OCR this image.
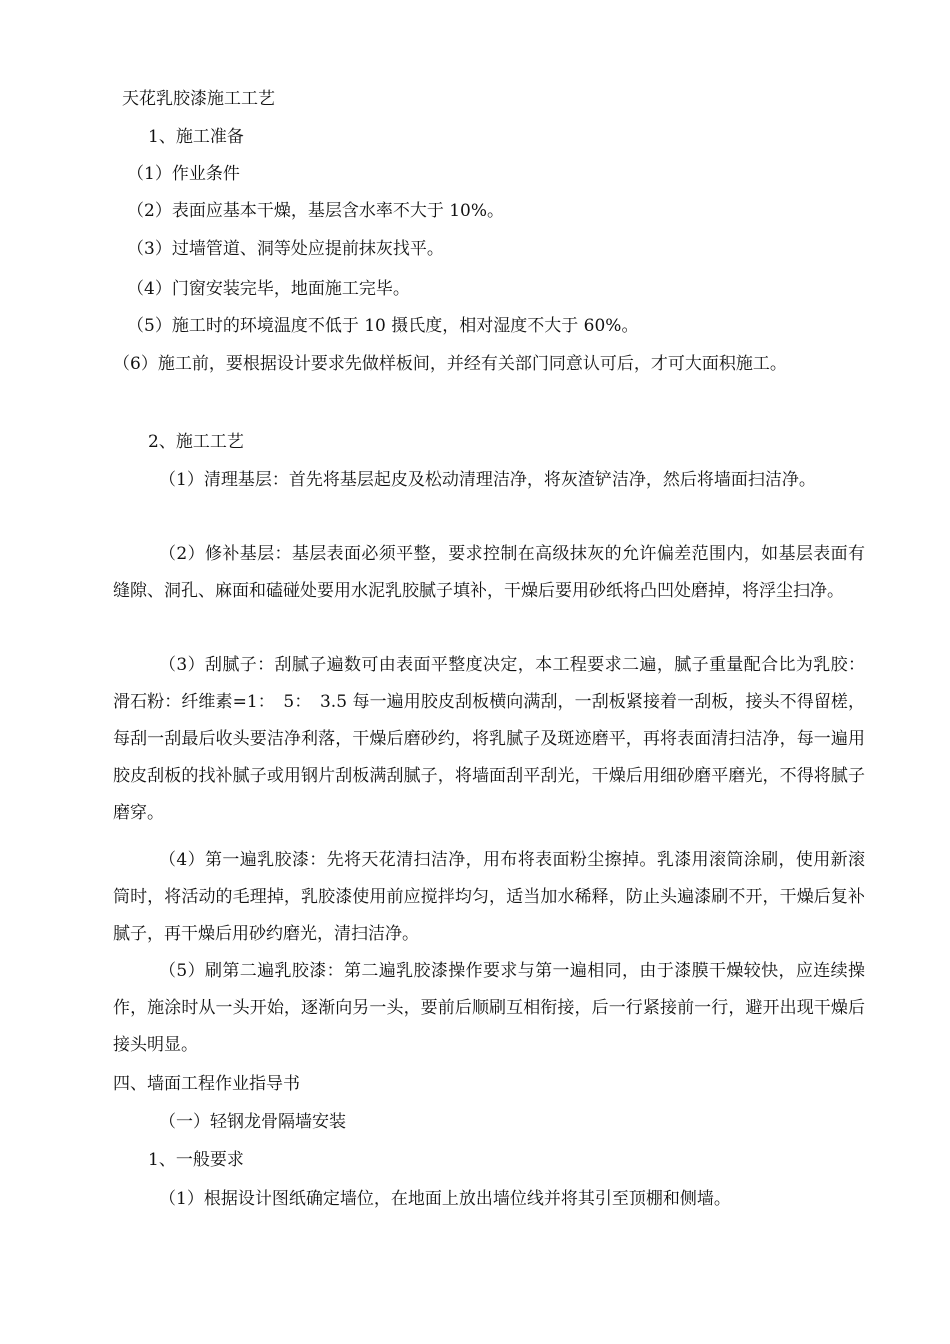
天花乳胶漆施工工艺
1、施工准备
（1）作业条件
（2）表面应基本干燥，基层含水率不大于 10%。
（3）过墙管道、洞等处应提前抹灰找平。
（4）门窗安装完毕，地面施工完毕。
（5）施工时的环境温度不低于 10 摄氏度，相对湿度不大于 60%。
（6）施工前，要根据设计要求先做样板间，并经有关部门同意认可后，才可大面积施工。
2、施工工艺
（1）清理基层：首先将基层起皮及松动清理洁净，将灰渣铲洁净，然后将墙面扫洁净。
（2）修补基层：基层表面必须平整，要求控制在高级抹灰的允许偏差范围内，如基层表面有缝隙、洞孔、麻面和磕碰处要用水泥乳胶腻子填补，干燥后要用砂纸将凸凹处磨掉，将浮尘扫净。
（3）刮腻子：刮腻子遍数可由表面平整度决定，本工程要求二遍，腻子重量配合比为乳胶：滑石粉：纤维素=1：　5：　3.5 每一遍用胶皮刮板横向满刮，一刮板紧接着一刮板，接头不得留槎，每刮一刮最后收头要洁净利落，干燥后磨砂约，将乳腻子及斑迹磨平，再将表面清扫洁净，每一遍用胶皮刮板的找补腻子或用钢片刮板满刮腻子，将墙面刮平刮光，干燥后用细砂磨平磨光，不得将腻子磨穿。
（4）第一遍乳胶漆：先将天花清扫洁净，用布将表面粉尘擦掉。乳漆用滚筒涂刷，使用新滚筒时，将活动的毛理掉，乳胶漆使用前应搅拌均匀，适当加水稀释，防止头遍漆刷不开，干燥后复补腻子，再干燥后用砂约磨光，清扫洁净。
（5）刷第二遍乳胶漆：第二遍乳胶漆操作要求与第一遍相同，由于漆膜干燥较快，应连续操作，施涂时从一头开始，逐渐向另一头，要前后顺刷互相衔接，后一行紧接前一行，避开出现干燥后接头明显。
四、墙面工程作业指导书
（一）轻钢龙骨隔墙安装
1、一般要求
（1）根据设计图纸确定墙位，在地面上放出墙位线并将其引至顶棚和侧墙。
